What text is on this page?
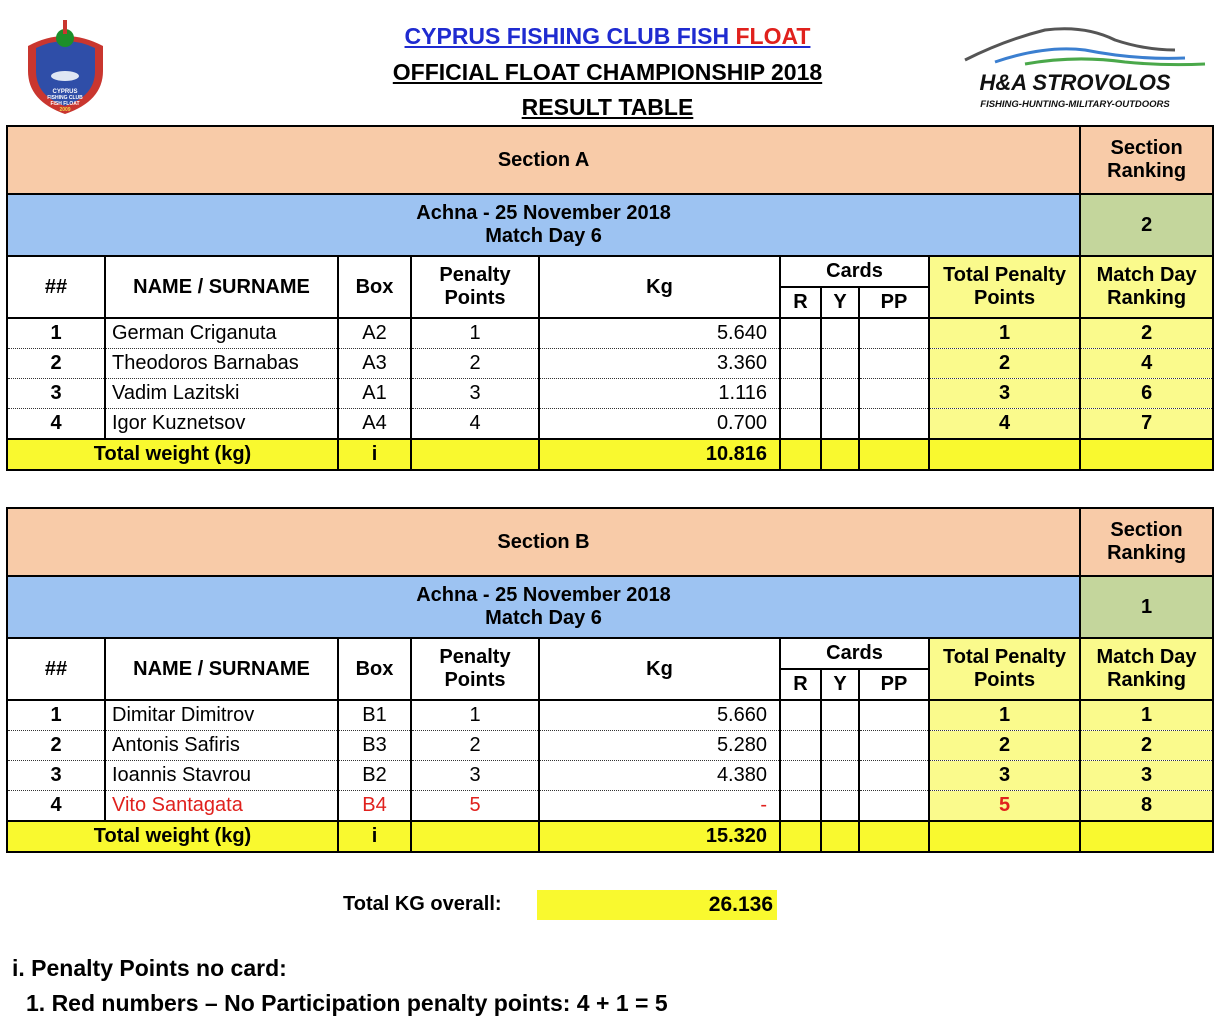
CYPRUS FISHING CLUB FISH FLOAT
OFFICIAL FLOAT CHAMPIONSHIP 2018
RESULT TABLE
CYPRUS
FISHING CLUB
FISH FLOAT
2009
H&A STROVOLOS
FISHING-HUNTING-MILITARY-OUTDOORS
Section A									Section
Ranking
Achna - 25 November 2018
Match Day 6									2
##	NAME / SURNAME	Box	Penalty
Points	Kg	Cards			Total Penalty
Points	Match Day
Ranking
					R	Y	PP		
1	German Criganuta	A2	1	5.640				1	2
2	Theodoros Barnabas	A3	2	3.360				2	4
3	Vadim Lazitski	A1	3	1.116				3	6
4	Igor Kuznetsov	A4	4	0.700				4	7
Total weight (kg)		i		10.816					
Section B									Section
Ranking
Achna - 25 November 2018
Match Day 6									1
##	NAME / SURNAME	Box	Penalty
Points	Kg	Cards			Total Penalty
Points	Match Day
Ranking
					R	Y	PP		
1	Dimitar Dimitrov	B1	1	5.660				1	1
2	Antonis Safiris	B3	2	5.280				2	2
3	Ioannis Stavrou	B2	3	4.380				3	3
4	Vito Santagata	B4	5	-				5	8
Total weight (kg)		i		15.320					
Total KG overall:	26.136
i. Penalty Points no card:
1. Red numbers – No Participation penalty points: 4 + 1 = 5
